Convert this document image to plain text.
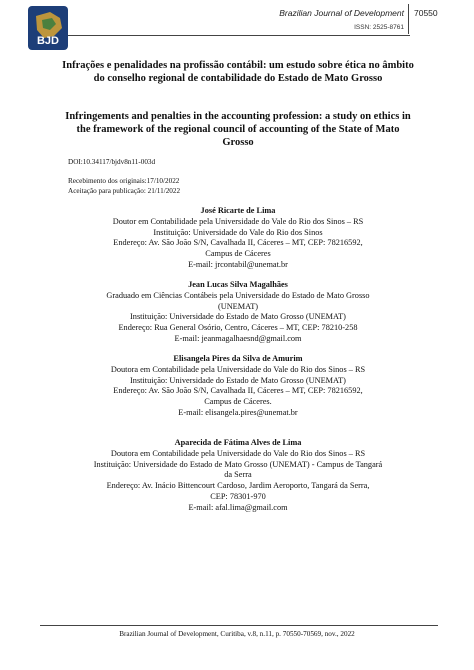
BJD
Brazilian Journal of Development
ISSN: 2525-8761
70550
Infrações e penalidades na profissão contábil: um estudo sobre ética no âmbito do conselho regional de contabilidade do Estado de Mato Grosso
Infringements and penalties in the accounting profession: a study on ethics in the framework of the regional council of accounting of the State of Mato Grosso
DOI:10.34117/bjdv8n11-003d
Recebimento dos originais:17/10/2022
Aceitação para publicação: 21/11/2022
José Ricarte de Lima
Doutor em Contabilidade pela Universidade do Vale do Rio dos Sinos – RS
Instituição: Universidade do Vale do Rio dos Sinos
Endereço: Av. São João S/N, Cavalhada II, Cáceres – MT, CEP: 78216592,
Campus de Cáceres
E-mail: jrcontabil@unemat.br
Jean Lucas Silva Magalhães
Graduado em Ciências Contábeis pela Universidade do Estado de Mato Grosso
(UNEMAT)
Instituição: Universidade do Estado de Mato Grosso (UNEMAT)
Endereço: Rua General Osório, Centro, Cáceres – MT, CEP: 78210-258
E-mail: jeanmagalhaesnd@gmail.com
Elisangela Pires da Silva de Amurim
Doutora em Contabilidade pela Universidade do Vale do Rio dos Sinos – RS
Instituição: Universidade do Estado de Mato Grosso (UNEMAT)
Endereço: Av. São João S/N, Cavalhada II, Cáceres – MT, CEP: 78216592,
Campus de Cáceres.
E-mail: elisangela.pires@unemat.br
Aparecida de Fátima Alves de Lima
Doutora em Contabilidade pela Universidade do Vale do Rio dos Sinos – RS
Instituição: Universidade do Estado de Mato Grosso (UNEMAT) - Campus de Tangará
da Serra
Endereço: Av. Inácio Bittencourt Cardoso, Jardim Aeroporto, Tangará da Serra,
CEP: 78301-970
E-mail: afal.lima@gmail.com
Brazilian Journal of Development, Curitiba, v.8, n.11, p. 70550-70569, nov., 2022
